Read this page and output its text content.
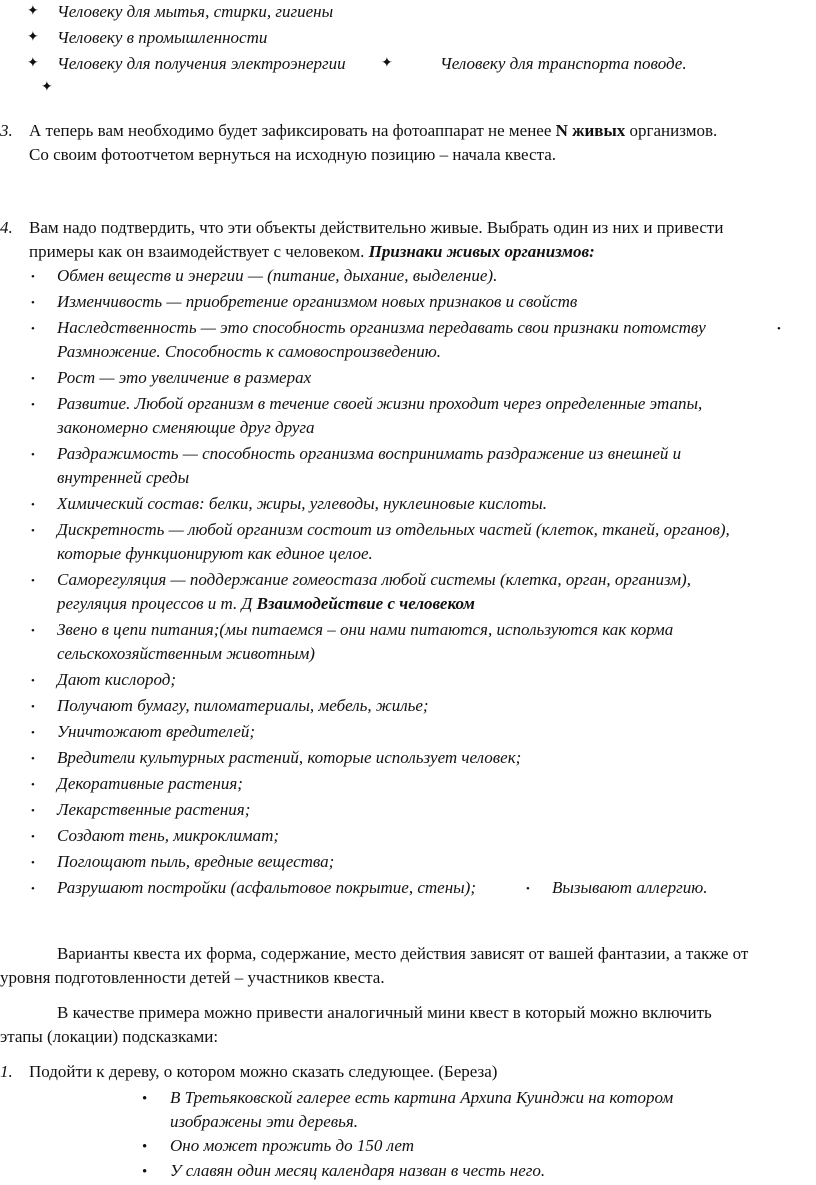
✦ Человеку для мытья, стирки, гигиены
✦ Человеку в промышленности
✦ Человеку для получения электроэнергии	✦	Человеку для транспорта поводе.
✦
3. А теперь вам необходимо будет зафиксировать на фотоаппарат не менее N живых организмов.
Со своим фотоотчетом вернуться на исходную позицию – начала квеста.
4. Вам надо подтвердить, что эти объекты действительно живые. Выбрать один из них и привести
примеры как он взаимодействует с человеком. Признаки живых организмов:
• Обмен веществ и энергии — (питание, дыхание, выделение).
• Изменчивость — приобретение организмом новых признаков и свойств
• Наследственность — это способность организма передавать свои признаки потомству	•
Размножение. Способность к самовоспроизведению.
• Рост — это увеличение в размерах
• Развитие. Любой организм в течение своей жизни проходит через определенные этапы,
закономерно сменяющие друг друга
• Раздражимость — способность организма воспринимать раздражение из внешней и
внутренней среды
• Химический состав: белки, жиры, углеводы, нуклеиновые кислоты.
• Дискретность — любой организм состоит из отдельных частей (клеток, тканей, органов),
которые функционируют как единое целое.
• Саморегуляция — поддержание гомеостаза любой системы (клетка, орган, организм),
регуляция процессов и т. Д Взаимодействие с человеком
• Звено в цепи питания;(мы питаемся – они нами питаются, используются как корма
сельскохозяйственным животным)
• Дают кислород;
• Получают бумагу, пиломатериалы, мебель, жилье;
• Уничтожают вредителей;
• Вредители культурных растений, которые использует человек;
• Декоративные растения;
• Лекарственные растения;
• Создают тень, микроклимат;
• Поглощают пыль, вредные вещества;
• Разрушают постройки (асфальтовое покрытие, стены);	• Вызывают аллергию.
Варианты квеста их форма, содержание, место действия зависят от вашей фантазии, а также от
уровня подготовленности детей – участников квеста.
В качестве примера можно привести аналогичный мини квест в который можно включить
этапы (локации) подсказками:
1. Подойти к дереву, о котором можно сказать следующее. (Береза)
• В Третьяковской галерее есть картина Архипа Куинджи на котором
изображены эти деревья.
• Оно может прожить до 150 лет
• У славян один месяц календаря назван в честь него.
